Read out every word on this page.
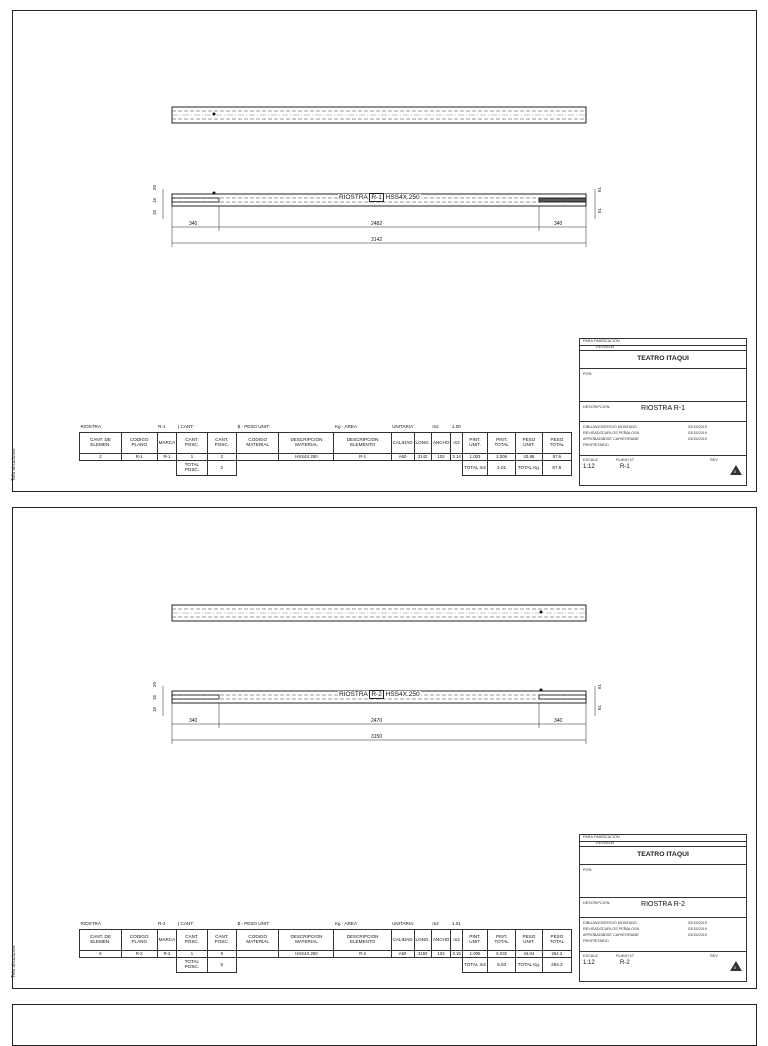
Tela structures
RIOSTRA R-1 HSS4X.250
340	2482	340
3142
20
16
16
61
61
RIOSTRA		R-1	( CANT:		$ - PESO UNIT:		Kg - AREA	UNITARIA:		m2	1.00				
CANT. DE ELEMEN.	CODIGO PLANO	MARCA	CANT. POSC.	CANT. POSC.	CODIGO MATERIAL	DESCRIPCION MATERIAL	DESCRIPCION ELEMENTO	CALIDAD	LONG.	ANCHO	m2	PINT. UNIT.	PINT. TOTAL	PESO UNIT.	PESO TOTAL
2	R-1	R-1	1	2		HSS4X.250	R-1	A50	3142	102	3.14	1.003	2.006	43.88	87.6
			TOTAL POSC.	2								TOTAL m2	2.01	TOTAL Kg.	87.6
PARA FABRICACION
REVISION
TEATRO ITAQUI
POR:
DESCRIPCION:	RIOSTRA R-1
DIBUJADO SERGIO MONTANO	03/15/2019
REVISADO CARLOS PEÑALOSA	03/15/2019
APROBADO
JOSE CAPATORAME	03/15/2019
PROPIETARIO
ESCALE
1:12
PLANO N°
R-1
REV.
0
Tela structures
RIOSTRA R-2 HSS4X.250
340	2470	340
3150
20
16
16
61
61
RIOSTRA		R-2	( CANT:		$ - PESO UNIT:		Kg - AREA	UNITARIA:		m2	1.01				
CANT. DE ELEMEN.	CODIGO PLANO	MARCA	CANT. POSC.	CANT. POSC.	CODIGO MATERIAL	DESCRIPCION MATERIAL	DESCRIPCION ELEMENTO	CALIDAD	LONG.	ANCHO	m2	PINT. UNIT.	PINT. TOTAL	PESO UNIT.	PESO TOTAL
6	R-2	R-2	1	6		HSS4X.250	R-2	A50	3150	102	3.15	1.005	6.032	44.04	264.2
			TOTAL POSC.	6								TOTAL m2	6.03	TOTAL Kg.	264.2
PARA FABRICACION
REVISION
TEATRO ITAQUI
POR:
DESCRIPCION:	RIOSTRA R-2
DIBUJADO SERGIO MONTANO	03/15/2019
REVISADO CARLOS PEÑALOSA	03/15/2019
APROBADO
JOSE CAPATORAME	03/15/2019
PROPIETARIO
ESCALE
1:12
PLANO N°
R-2
REV.
0
